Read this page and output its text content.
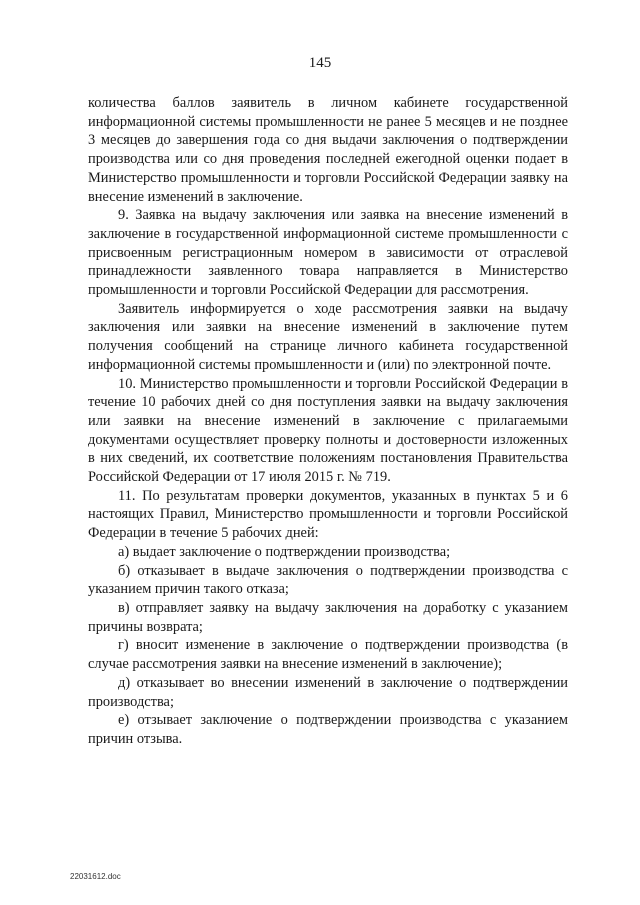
145

количества баллов заявитель в личном кабинете государственной информационной системы промышленности не ранее 5 месяцев и не позднее 3 месяцев до завершения года со дня выдачи заключения о подтверждении производства или со дня проведения последней ежегодной оценки подает в Министерство промышленности и торговли Российской Федерации заявку на внесение изменений в заключение.

9. Заявка на выдачу заключения или заявка на внесение изменений в заключение в государственной информационной системе промышленности с присвоенным регистрационным номером в зависимости от отраслевой принадлежности заявленного товара направляется в Министерство промышленности и торговли Российской Федерации для рассмотрения.

Заявитель информируется о ходе рассмотрения заявки на выдачу заключения или заявки на внесение изменений в заключение путем получения сообщений на странице личного кабинета государственной информационной системы промышленности и (или) по электронной почте.

10. Министерство промышленности и торговли Российской Федерации в течение 10 рабочих дней со дня поступления заявки на выдачу заключения или заявки на внесение изменений в заключение с прилагаемыми документами осуществляет проверку полноты и достоверности изложенных в них сведений, их соответствие положениям постановления Правительства Российской Федерации от 17 июля 2015 г. № 719.

11. По результатам проверки документов, указанных в пунктах 5 и 6 настоящих Правил, Министерство промышленности и торговли Российской Федерации в течение 5 рабочих дней:

а) выдает заключение о подтверждении производства;

б) отказывает в выдаче заключения о подтверждении производства с указанием причин такого отказа;

в) отправляет заявку на выдачу заключения на доработку с указанием причины возврата;

г) вносит изменение в заключение о подтверждении производства (в случае рассмотрения заявки на внесение изменений в заключение);

д) отказывает во внесении изменений в заключение о подтверждении производства;

е) отзывает заключение о подтверждении производства с указанием причин отзыва.

22031612.doc
